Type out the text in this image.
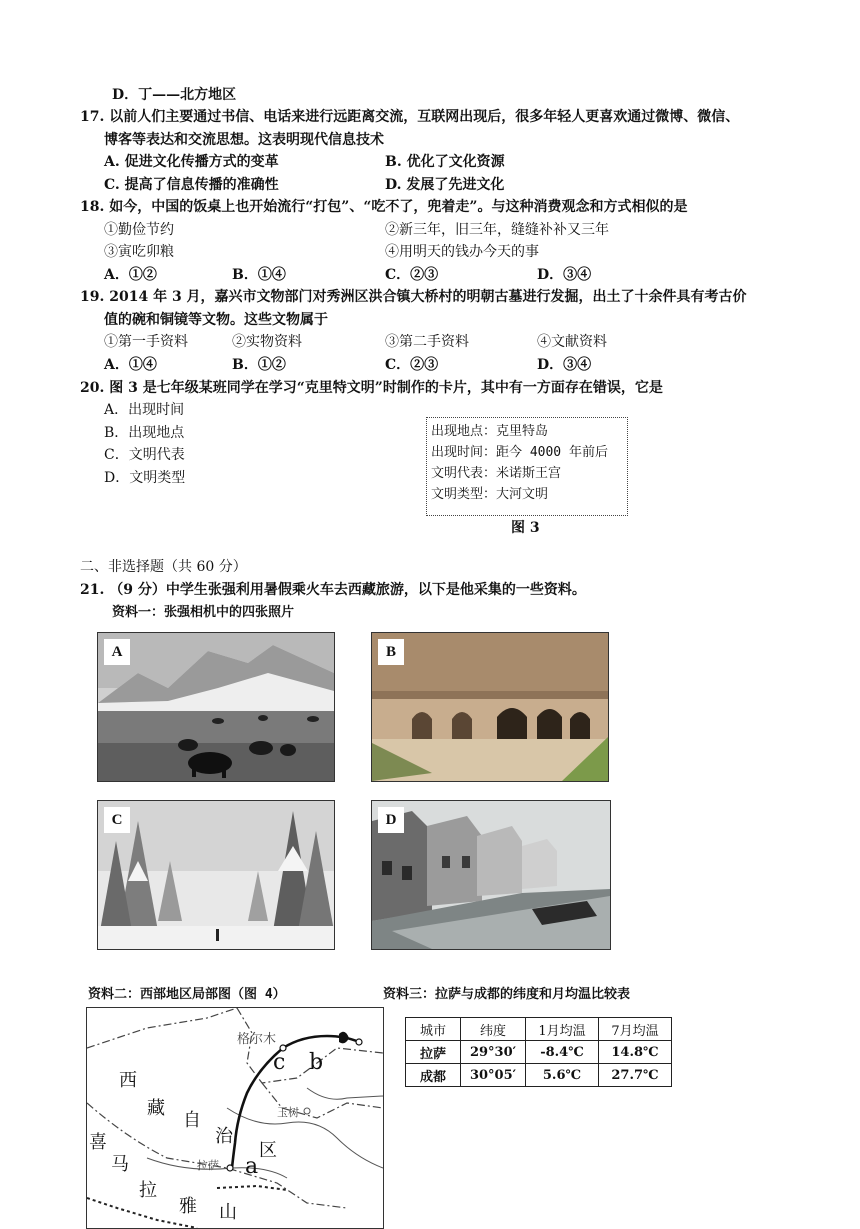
D．丁——北方地区
17. 以前人们主要通过书信、电话来进行远距离交流，互联网出现后，很多年轻人更喜欢通过微博、微信、
博客等表达和交流思想。这表明现代信息技术
A. 促进文化传播方式的变革	B. 优化了文化资源
C. 提高了信息传播的准确性	D. 发展了先进文化
18. 如今，中国的饭桌上也开始流行“打包”、“吃不了，兜着走”。与这种消费观念和方式相似的是
①勤俭节约	②新三年，旧三年，缝缝补补又三年
③寅吃卯粮	④用明天的钱办今天的事
A．①②	B．①④	C．②③	D．③④
19. 2014 年 3 月，嘉兴市文物部门对秀洲区洪合镇大桥村的明朝古墓进行发掘，出土了十余件具有考古价
值的碗和铜镜等文物。这些文物属于
①第一手资料	②实物资料	③第二手资料	④文献资料
A．①④	B．①②	C．②③	D．③④
20. 图 3 是七年级某班同学在学习“克里特文明”时制作的卡片，其中有一方面存在错误，它是
A．出现时间
B．出现地点
C．文明代表
D．文明类型
出现地点：克里特岛
出现时间：距今 4000 年前后
文明代表：米诺斯王宫
文明类型：大河文明
图 3
二、非选择题（共 60 分）
21. （9 分）中学生张强利用暑假乘火车去西藏旅游，以下是他采集的一些资料。
资料一：张强相机中的四张照片
A	B
C	D
资料二：西部地区局部图（图 4）	资料三：拉萨与成都的纬度和月均温比较表
格尔木
玉树
拉萨
西
藏
自
治
区
喜
马
拉
雅 山
a
b
c
城市	纬度	1月均温	7月均温
拉萨	29°30′	-8.4℃	14.8℃
成都	30°05′	5.6℃	27.7℃
